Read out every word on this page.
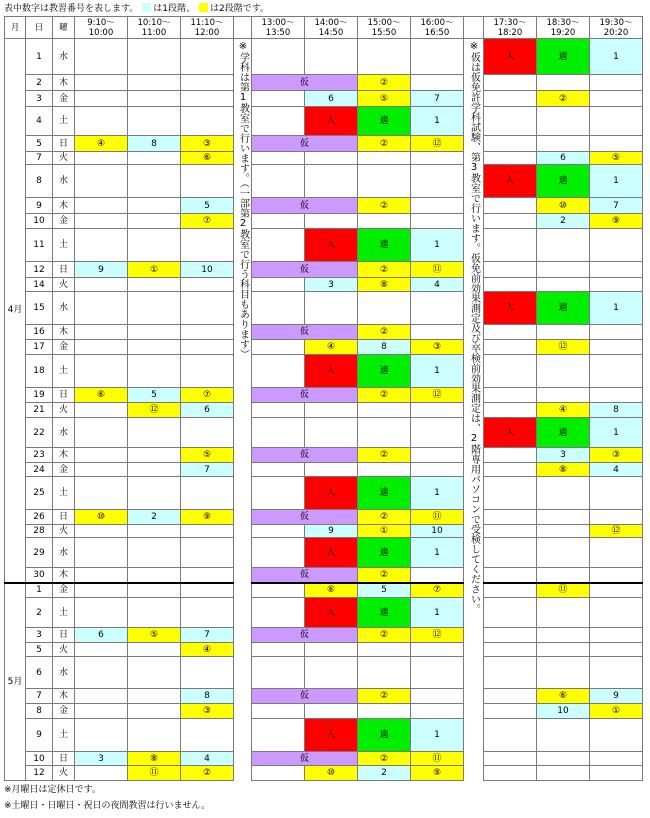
表中数字は教習番号を表します。 は1段階、 は2段階です。
月	日	曜	9:10～10:00	10:10～11:00	11:10～12:00		13:00～13:50	14:00～14:50	15:00～15:50	16:00～16:50		17:30～18:20	18:30～19:20	19:30～20:20
4月	1	水				※学科は第1教室で行います。（一部第2教室で行う科目もあります）					※仮は仮免許学科試験、第3教室で行います。仮免前効果測定及び卒検前効果測定は、2階専用パソコンで受検してください。	入	適	1
	2	木					仮		②					
	3	金						6	⑤	7			②	
	4	土						入	適	1				
	5	日	④	8	③		仮		②	⑫				
	7	火			⑥								6	⑤
	8	水										入	適	1
	9	木			5		仮		②				⑩	7
	10	金			⑦								2	⑨
	11	土						入	適	1				
	12	日	9	①	10		仮		②	⑪				
	14	火						3	⑧	4				
	15	水										入	適	1
	16	木					仮		②					
	17	金						④	8	③			⑫	
	18	土						入	適	1				
	19	日	⑥	5	⑦		仮		②	⑫				
	21	火		⑫	6								④	8
	22	水										入	適	1
	23	木			⑤		仮		②				3	③
	24	金			7								⑧	4
	25	土						入	適	1				
	26	日	⑩	2	⑨		仮		②	⑪				
	28	火						9	①	10				⑫
	29	水						入	適	1				
	30	木					仮		②					
5月	1	金						⑥	5	⑦			⑪	
	2	土						入	適	1				
	3	日	6	⑤	7		仮		②	⑫				
	5	火			④									
	6	水												
	7	木			8		仮		②				⑥	9
	8	金			③								10	①
	9	土						入	適	1				
	10	日	3	⑧	4		仮		②	⑪				
	12	火		⑪	②			⑩	2	⑨				
※月曜日は定休日です。
※土曜日・日曜日・祝日の夜間教習は行いません。
